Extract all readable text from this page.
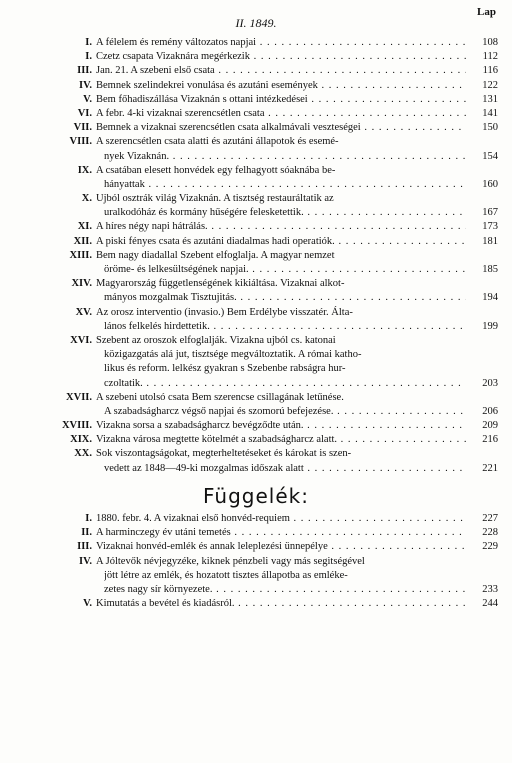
Lap
II. 1849.
I. A félelem és remény változatos napjai . . .	108
I. Czetz csapata Vizaknára megérkezik . . .	112
III. Jan. 21. A szebeni első csata . . .	116
IV. Bemnek szelindekrei vonulása és azutáni események . . .	122
V. Bem főhadiszállása Vizaknán s ottani intézkedései . . .	131
VI. A febr. 4-ki vizaknai szerencsétlen csata . . .	141
VII. Bemnek a vizaknai szerencsétlen csata alkalmávali veszteségei . . .	150
VIII. A szerencsétlen csata alatti és azutáni állapotok és esemé-
nyek Vizaknán. . . .	154
IX. A csatában elesett honvédek egy felhagyott sóaknába be-
hányattak . . .	160
X. Ujból osztrák világ Vizaknán. A tisztség restauráltatik az
uralkodóház és kormány hűségére felesketettik. . . .	167
XI. A híres négy napi hátrálás. . . .	173
XII. A piski fényes csata és azutáni diadalmas hadi operatiók. . . .	181
XIII. Bem nagy diadallal Szebent elfoglalja. A magyar nemzet
öröme- és lelkesültségének napjai. . . .	185
XIV. Magyarország függetlenségének kikiáltása. Vizaknai alkot-
mányos mozgalmak Tisztujitás. . . .	194
XV. Az orosz interventio (invasio.) Bem Erdélybe visszatér. Álta-
lános felkelés hirdettetik. . . .	199
XVI. Szebent az oroszok elfoglalják. Vizakna ujból cs. katonai
közigazgatás alá jut, tisztsége megváltoztatik. A római katho-
likus és reform. lelkész gyakran s Szebenbe rabságra hur-
czoltatik. . . .	203
XVII. A szebeni utolsó csata Bem szerencse csillagának letűnése.
A szabadságharcz végső napjai és szomorú befejezése. . . .	206
XVIII. Vizakna sorsa a szabadságharcz bevégződte után. . . .	209
XIX. Vizakna városa megtette kötelmét a szabadságharcz alatt. . . .	216
XX. Sok viszontagságokat, megterheltetéseket és károkat is szen-
vedett az 1848—49-ki mozgalmas időszak alatt . . .	221
Függelék:
I. 1880. febr. 4. A vizaknai első honvéd-requiem . . .	227
II. A harminczegy év utáni temetés . . .	228
III. Vizaknai honvéd-emlék és annak leleplezési ünnepélye . . .	229
IV. A Jóltevők névjegyzéke, kiknek pénzbeli vagy más segitségével
jött létre az emlék, és hozatott tisztes állapotba as emléke-
zetes nagy sír környezete. . . .	233
V. Kimutatás a bevétel és kiadásról. . . .	244
